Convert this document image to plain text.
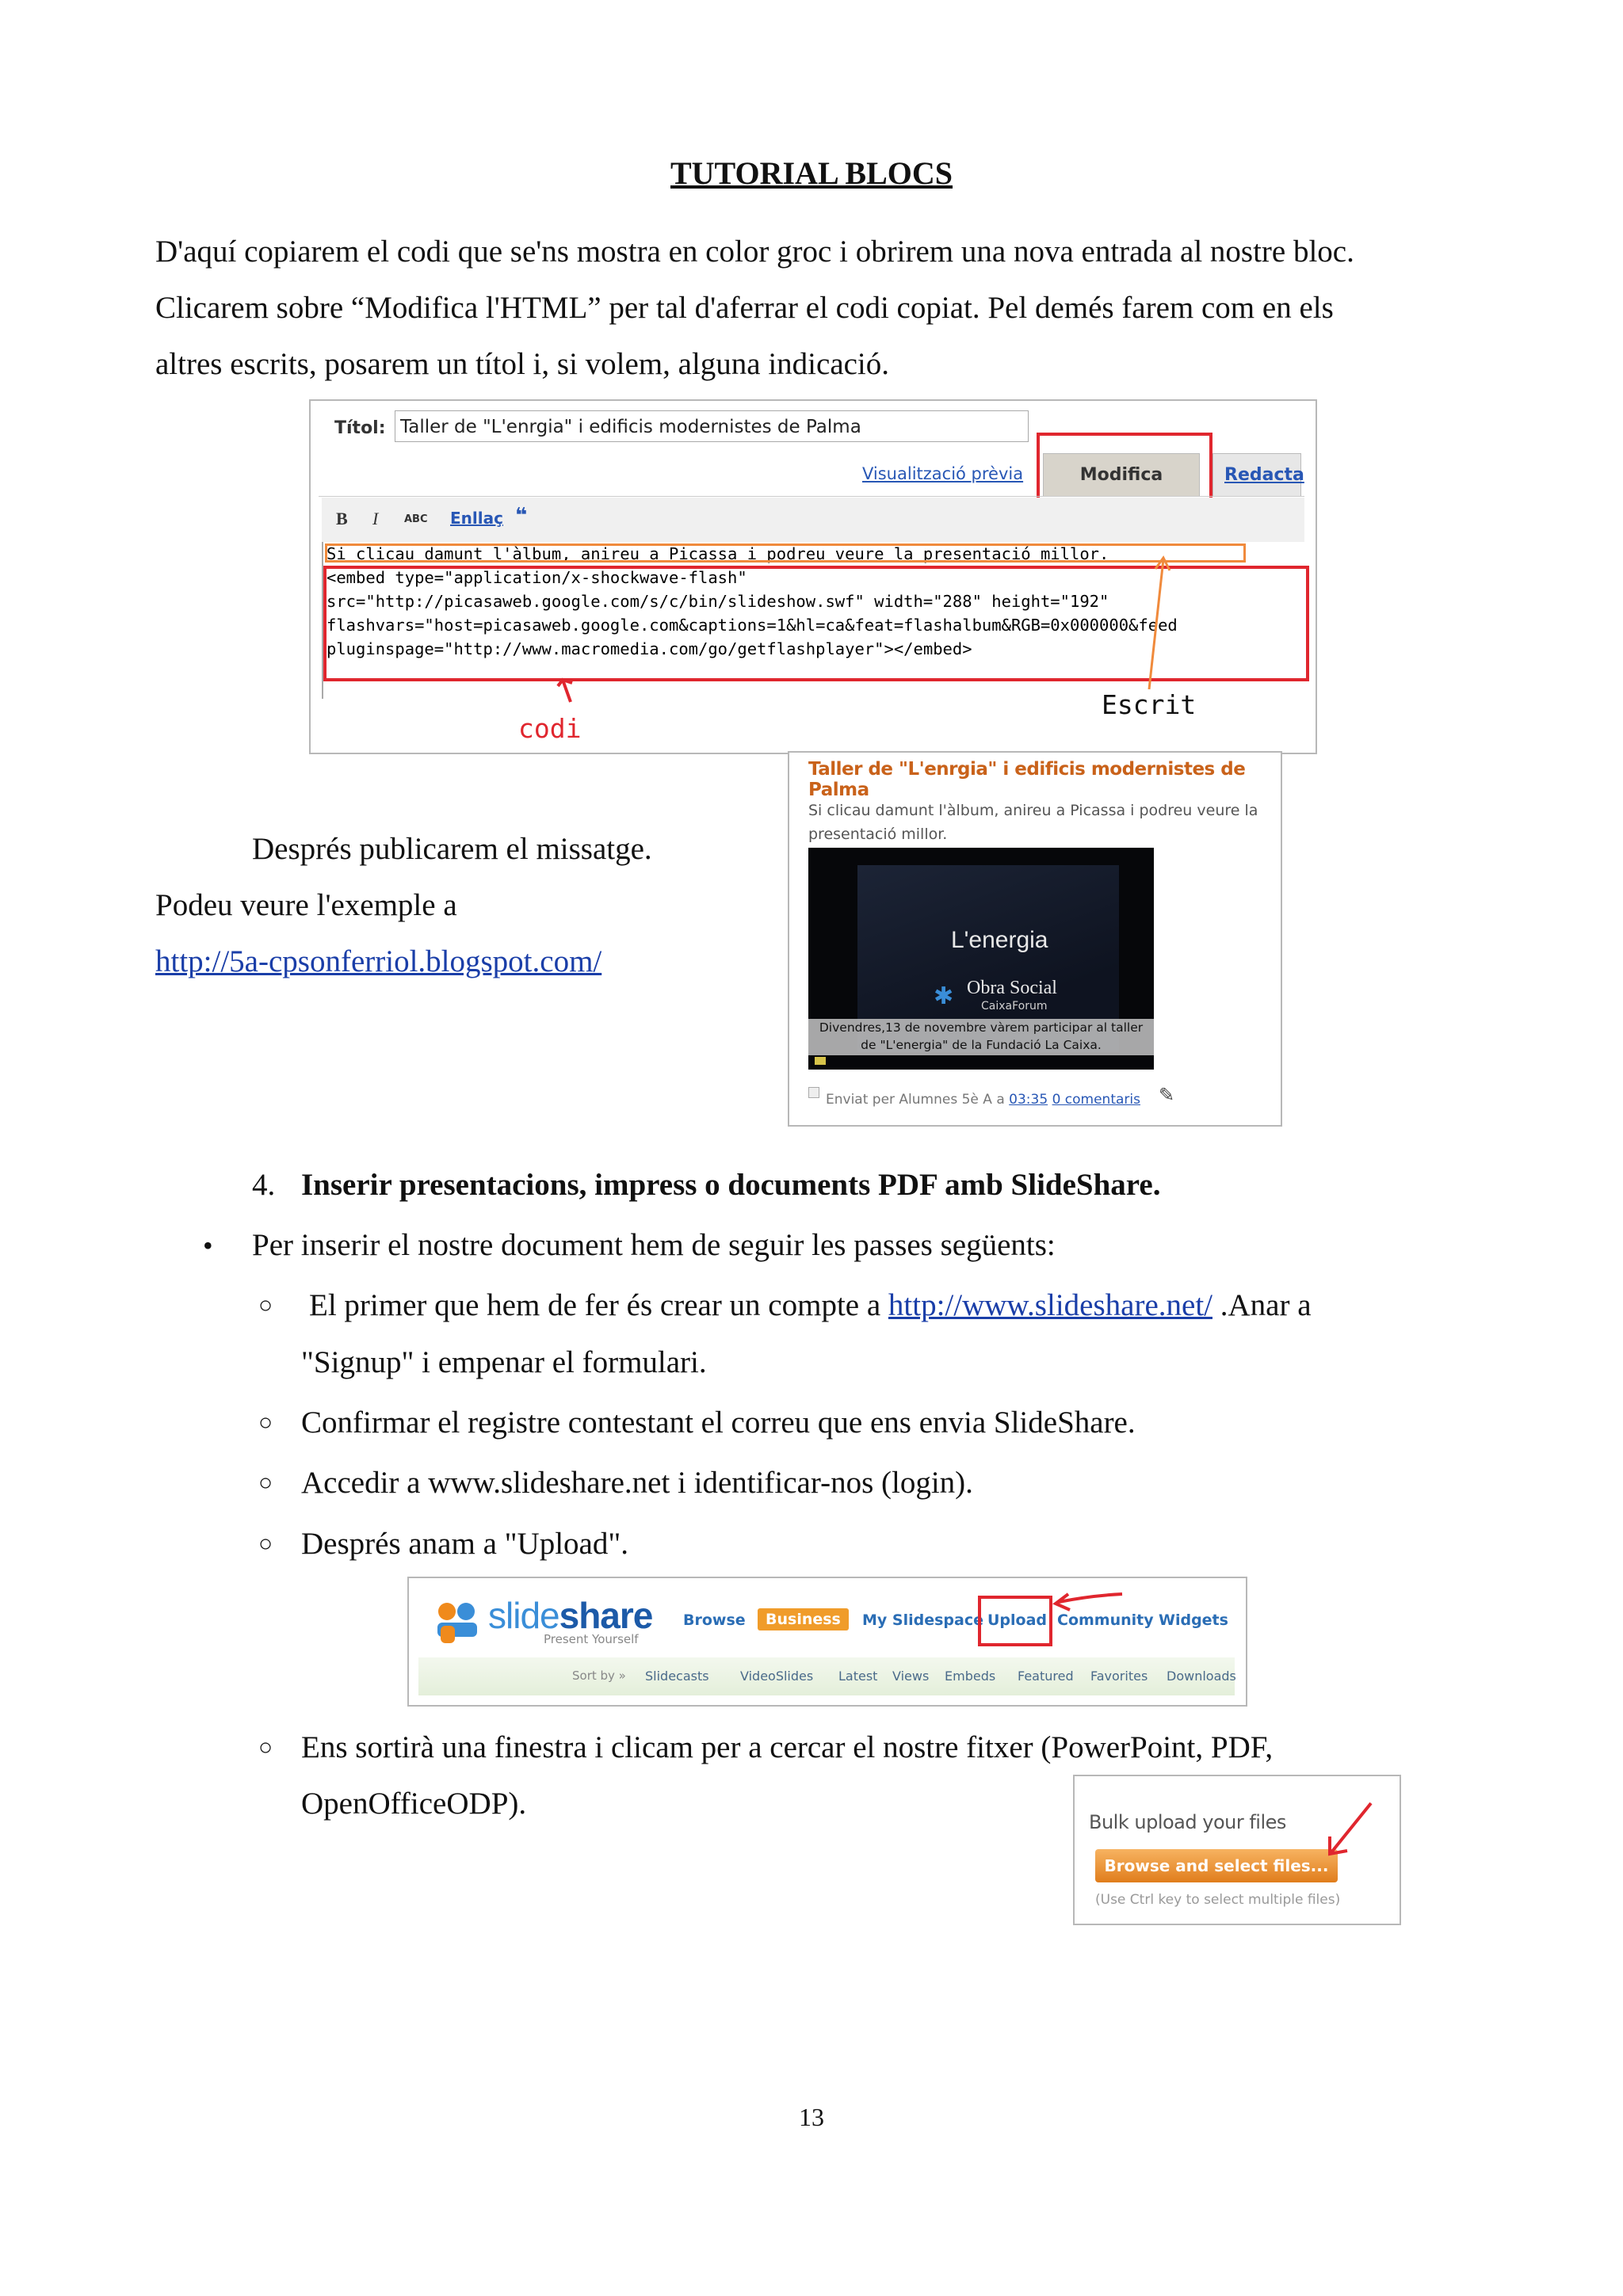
TUTORIAL BLOCS
D'aquí copiarem el codi que se'ns mostra en color groc i obrirem una nova entrada al nostre bloc.
Clicarem sobre “Modifica l'HTML” per tal d'aferrar el codi copiat. Pel demés farem com en els
altres escrits, posarem un títol i, si volem, alguna indicació.
Títol: Taller de "L'enrgia" i edificis modernistes de Palma
Visualització prèvia	Modifica	Redacta
B I	ABC Enllaç ❝
Si clicau damunt l'àlbum, anireu a Picassa i podreu veure la presentació millor.
<embed type="application/x-shockwave-flash"
src="http://picasaweb.google.com/s/c/bin/slideshow.swf" width="288" height="192"
flashvars="host=picasaweb.google.com&captions=1&hl=ca&feat=flashalbum&RGB=0x000000&feed
pluginspage="http://www.macromedia.com/go/getflashplayer"></embed>
codi
Escrit
Després publicarem el missatge.
Podeu veure l'exemple a
http://5a-cpsonferriol.blogspot.com/
Taller de "L'enrgia" i edificis modernistes de Palma
Si clicau damunt l'àlbum, anireu a Picassa i podreu veure la presentació millor.
L'energia
✱ Obra Social
CaixaForum
Divendres,13 de novembre vàrem participar al taller
de "L'energia" de la Fundació La Caixa.
Enviat per Alumnes 5è A a 03:35 0 comentaris ✎
4. Inserir presentacions, impress o documents PDF amb SlideShare.
• Per inserir el nostre document hem de seguir les passes següents:
○ El primer que hem de fer és crear un compte a http://www.slideshare.net/ .Anar a
"Signup" i empenar el formulari.
○ Confirmar el registre contestant el correu que ens envia SlideShare.
○ Accedir a www.slideshare.net i identificar-nos (login).
○ Després anam a "Upload".
slideshare
Present Yourself
Browse	Business	My Slidespace Upload Community Widgets
Sort by » Slidecasts VideoSlides Latest Views Embeds Featured Favorites Downloads
○ Ens sortirà una finestra i clicam per a cercar el nostre fitxer (PowerPoint, PDF,
OpenOfficeODP).
Bulk upload your files
Browse and select files...
(Use Ctrl key to select multiple files)
13
